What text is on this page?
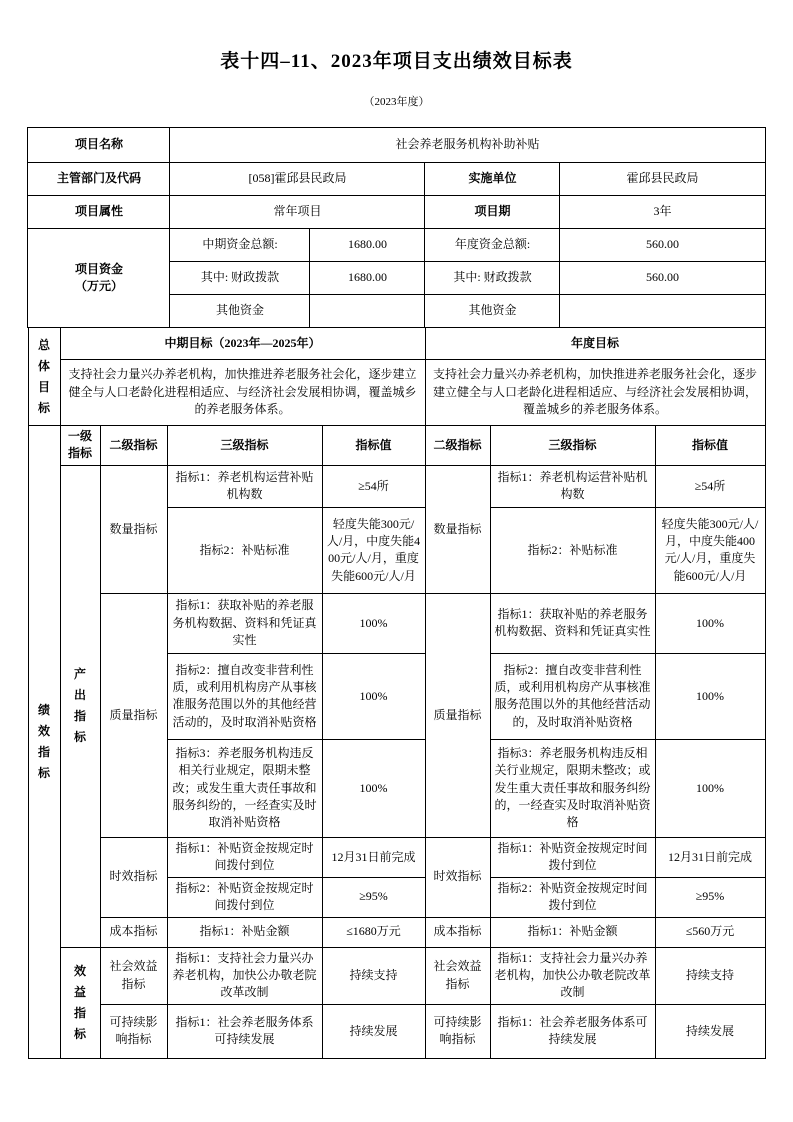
表十四–11、2023年项目支出绩效目标表
（2023年度）
项目名称	社会养老服务机构补助补贴			
主管部门及代码	[058]霍邱县民政局		实施单位	霍邱县民政局
项目属性	常年项目		项目期	3年

项目资金
（万元）	中期资金总额:	1680.00	年度资金总额:	560.00
	其中: 财政拨款	1680.00	其中: 财政拨款	560.00
	其他资金		其他资金	
总体目标	中期目标（2023年—2025年）	年度目标
	支持社会力量兴办养老机构，加快推进养老服务社会化，逐步建立健全与人口老龄化进程相适应、与经济社会发展相协调，覆盖城乡的养老服务体系。	支持社会力量兴办养老机构，加快推进养老服务社会化，逐步建立健全与人口老龄化进程相适应、与经济社会发展相协调，覆盖城乡的养老服务体系。
绩效指标	一级指标	二级指标	三级指标	指标值	二级指标	三级指标	指标值
	产出指标	数量指标	指标1：养老机构运营补贴机构数	≥54所	数量指标	指标1：养老机构运营补贴机构数	≥54所
			指标2：补贴标准	轻度失能300元/人/月，中度失能400元/人/月，重度失能600元/人/月		指标2：补贴标准	轻度失能300元/人/月，中度失能400元/人/月，重度失能600元/人/月
		质量指标	指标1：获取补贴的养老服务机构数据、资料和凭证真实性	100%	质量指标	指标1：获取补贴的养老服务机构数据、资料和凭证真实性	100%
			指标2：擅自改变非营利性质，或利用机构房产从事核准服务范围以外的其他经营活动的，及时取消补贴资格	100%		指标2：擅自改变非营利性质，或利用机构房产从事核准服务范围以外的其他经营活动的，及时取消补贴资格	100%
			指标3：养老服务机构违反相关行业规定，限期未整改；或发生重大责任事故和服务纠纷的，一经查实及时取消补贴资格	100%		指标3：养老服务机构违反相关行业规定，限期未整改；或发生重大责任事故和服务纠纷的，一经查实及时取消补贴资格	100%
		时效指标	指标1：补贴资金按规定时间拨付到位	12月31日前完成	时效指标	指标1：补贴资金按规定时间拨付到位	12月31日前完成
			指标2：补贴资金按规定时间拨付到位	≥95%		指标2：补贴资金按规定时间拨付到位	≥95%
		成本指标	指标1：补贴金额	≤1680万元	成本指标	指标1：补贴金额	≤560万元
	效益指标	社会效益指标	指标1：支持社会力量兴办养老机构，加快公办敬老院改革改制	持续支持	社会效益指标	指标1：支持社会力量兴办养老机构，加快公办敬老院改革改制	持续支持
		可持续影响指标	指标1：社会养老服务体系可持续发展	持续发展	可持续影响指标	指标1：社会养老服务体系可持续发展	持续发展
